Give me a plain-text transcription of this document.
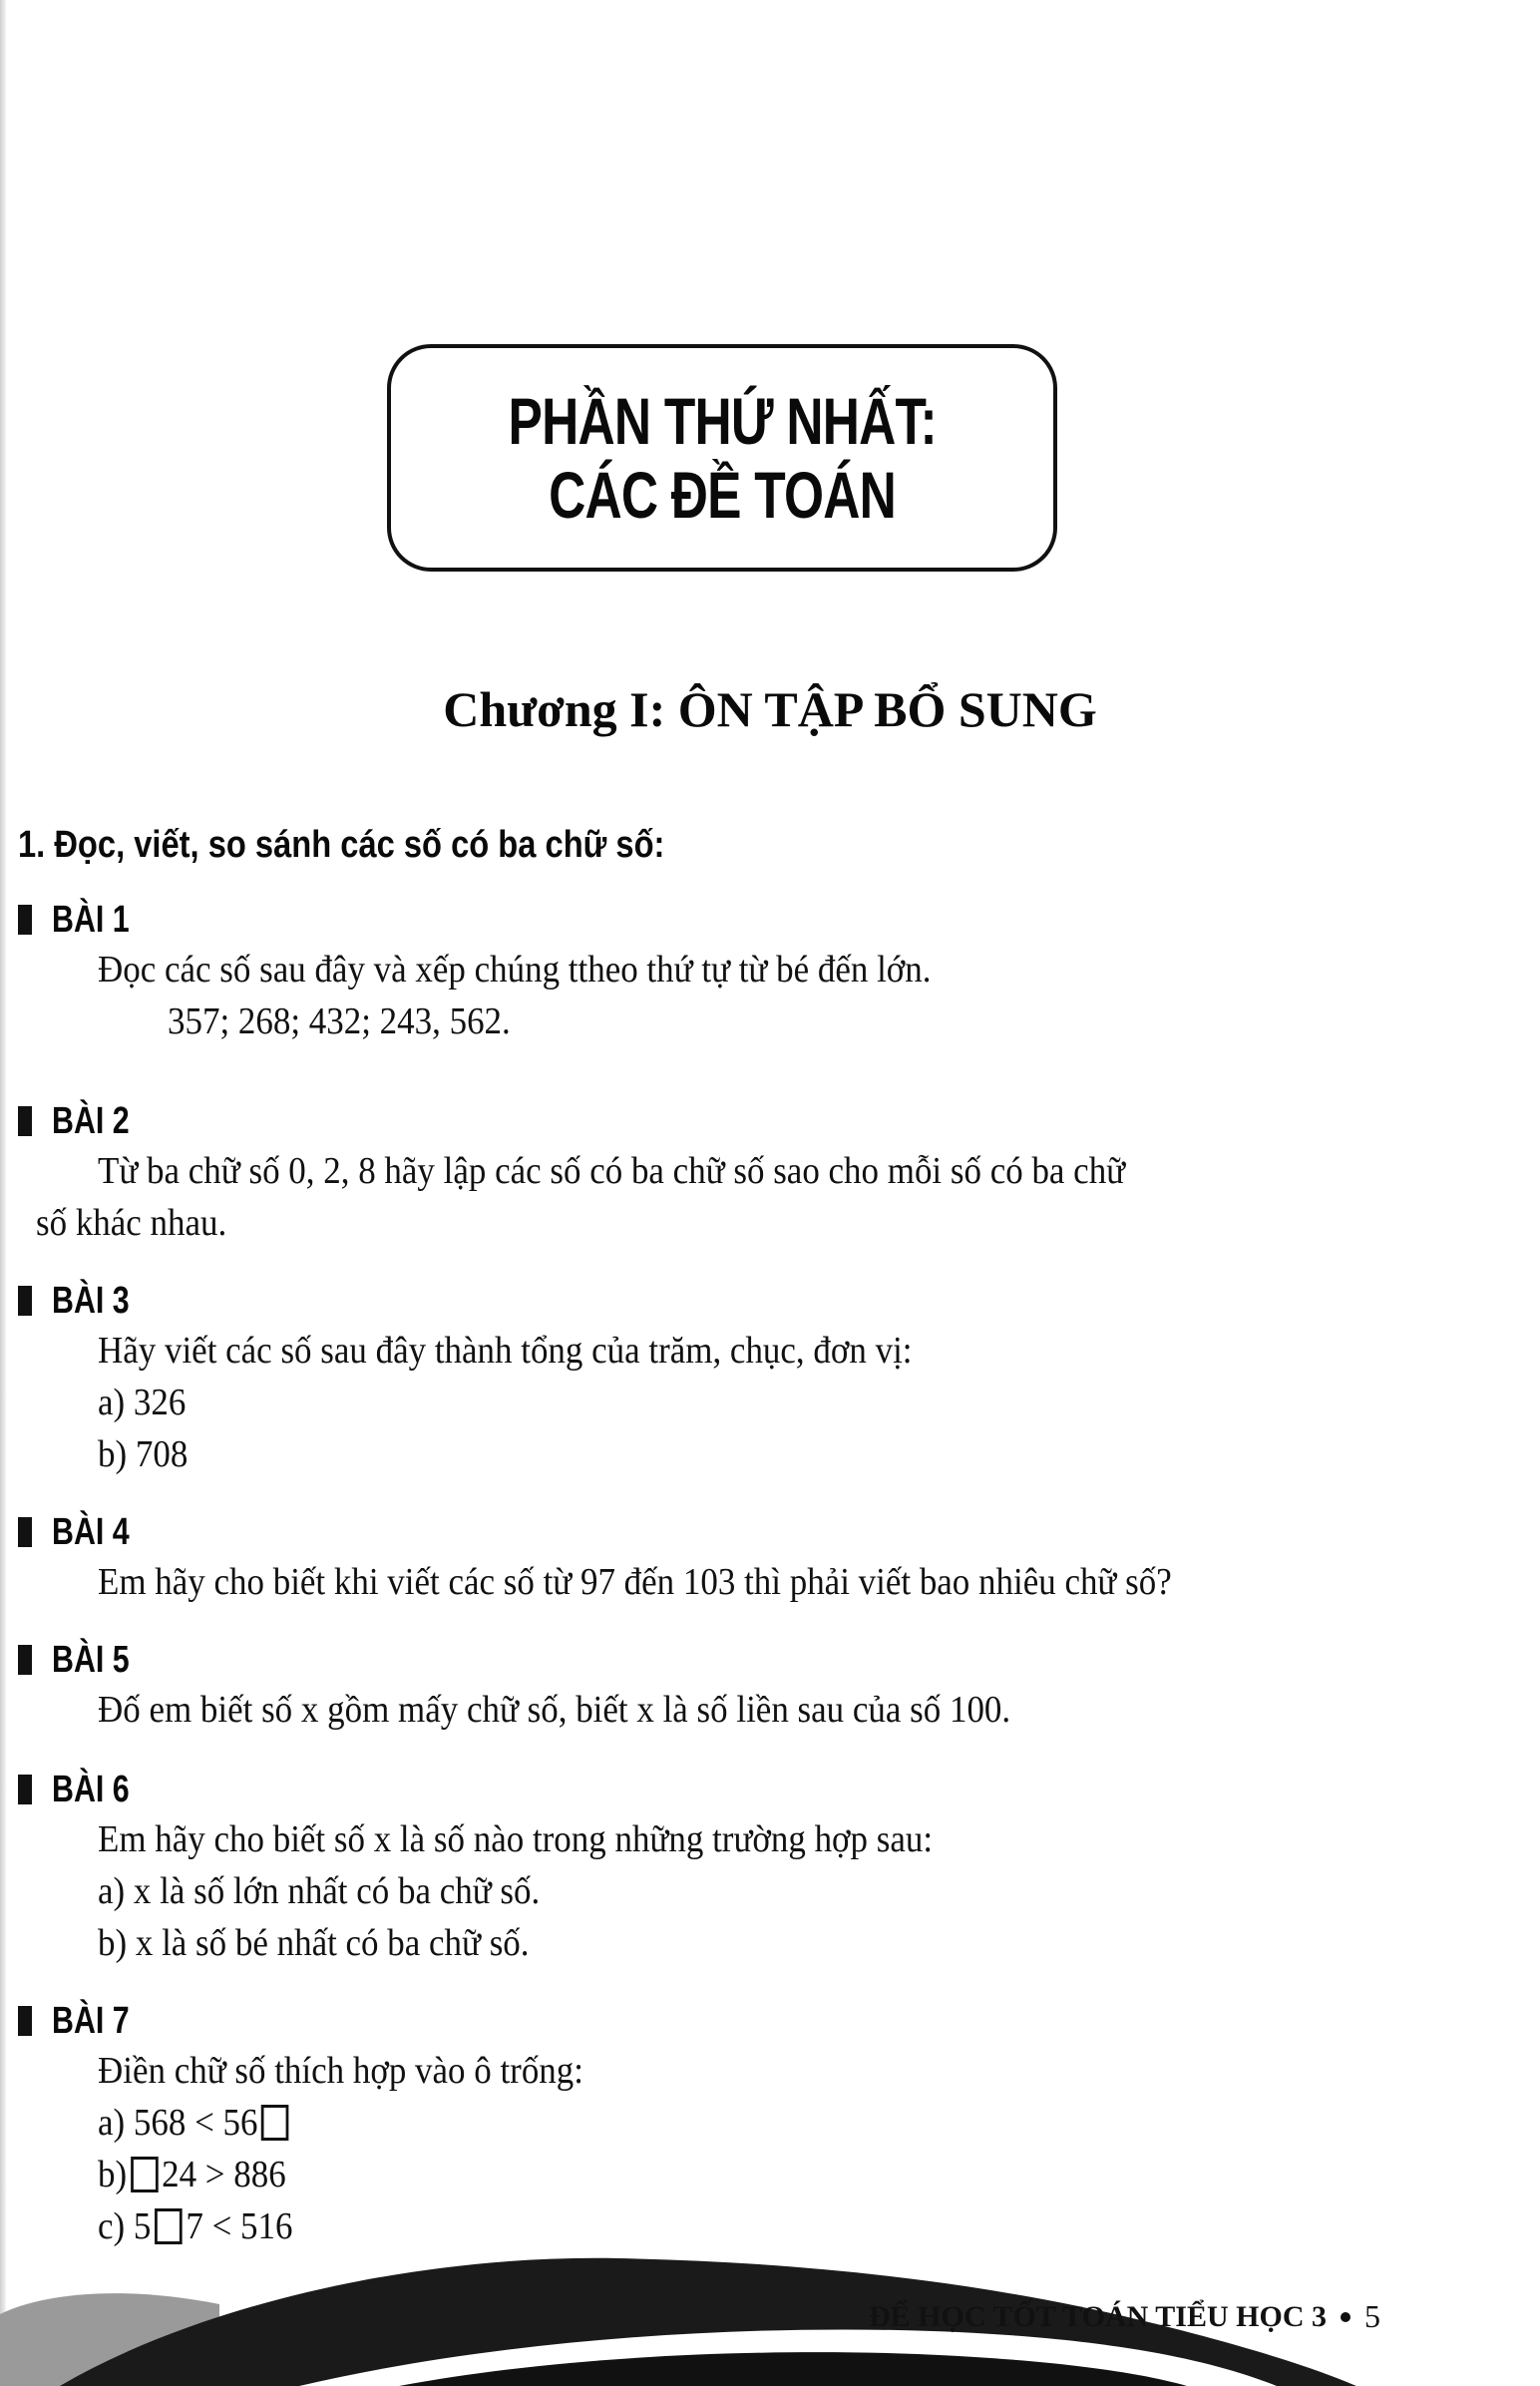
PHẦN THỨ NHẤT:
CÁC ĐỀ TOÁN
Chương I: ÔN TẬP BỔ SUNG
1. Đọc, viết, so sánh các số có ba chữ số:
BÀI 1
Đọc các số sau đây và xếp chúng ttheo thứ tự từ bé đến lớn.
357; 268; 432; 243, 562.
BÀI 2
Từ ba chữ số 0, 2, 8 hãy lập các số có ba chữ số sao cho mỗi số có ba chữ
số khác nhau.
BÀI 3
Hãy viết các số sau đây thành tổng của trăm, chục, đơn vị:
a) 326
b) 708
BÀI 4
Em hãy cho biết khi viết các số từ 97 đến 103 thì phải viết bao nhiêu chữ số?
BÀI 5
Đố em biết số x gồm mấy chữ số, biết x là số liền sau của số 100.
BÀI 6
Em hãy cho biết số x là số nào trong những trường hợp sau:
a) x là số lớn nhất có ba chữ số.
b) x là số bé nhất có ba chữ số.
BÀI 7
Điền chữ số thích hợp vào ô trống:
a) 568 < 56
b) 24 > 886
c) 5 7 < 516
ĐỂ HỌC TỐT TOÁN TIỂU HỌC 3 5
